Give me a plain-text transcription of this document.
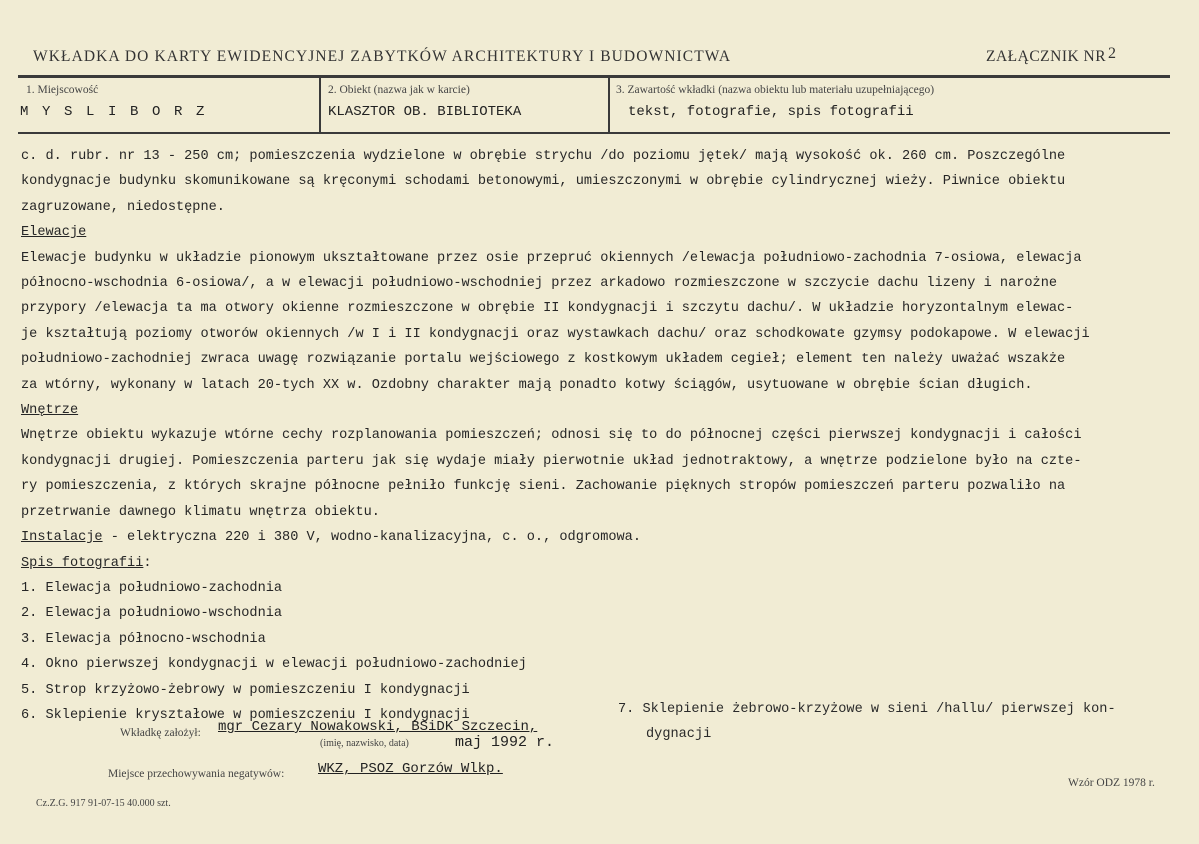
WKŁADKA DO KARTY EWIDENCYJNEJ ZABYTKÓW ARCHITEKTURY I BUDOWNICTWA	ZAŁĄCZNIK NR 2
1. Miejscowość
M Y S L I B O R Z
2. Obiekt (nazwa jak w karcie)
KLASZTOR OB. BIBLIOTEKA
3. Zawartość wkładki (nazwa obiektu lub materiału uzupełniającego)
tekst, fotografie, spis fotografii

c. d. rubr. nr 13 - 250 cm; pomieszczenia wydzielone w obrębie strychu /do poziomu jętek/ mają wysokość ok. 260 cm. Poszczególne

kondygnacje budynku skomunikowane są kręconymi schodami betonowymi, umieszczonymi w obrębie cylindrycznej wieży. Piwnice obiektu

zagruzowane, niedostępne.

Elewacje

Elewacje budynku w układzie pionowym ukształtowane przez osie przepruć okiennych /elewacja południowo-zachodnia 7-osiowa, elewacja

północno-wschodnia 6-osiowa/, a w elewacji południowo-wschodniej przez arkadowo rozmieszczone w szczycie dachu lizeny i narożne

przypory /elewacja ta ma otwory okienne rozmieszczone w obrębie II kondygnacji i szczytu dachu/. W układzie horyzontalnym elewac-

je kształtują poziomy otworów okiennych /w I i II kondygnacji oraz wystawkach dachu/ oraz schodkowate gzymsy podokapowe. W elewacji

południowo-zachodniej zwraca uwagę rozwiązanie portalu wejściowego z kostkowym układem cegieł; element ten należy uważać wszakże

za wtórny, wykonany w latach 20-tych XX w. Ozdobny charakter mają ponadto kotwy ściągów, usytuowane w obrębie ścian długich.

Wnętrze

Wnętrze obiektu wykazuje wtórne cechy rozplanowania pomieszczeń; odnosi się to do północnej części pierwszej kondygnacji i całości

kondygnacji drugiej. Pomieszczenia parteru jak się wydaje miały pierwotnie układ jednotraktowy, a wnętrze podzielone było na czte-

ry pomieszczenia, z których skrajne północne pełniło funkcję sieni. Zachowanie pięknych stropów pomieszczeń parteru pozwaliło na

przetrwanie dawnego klimatu wnętrza obiektu.

Instalacje - elektryczna 220 i 380 V, wodno-kanalizacyjna, c. o., odgromowa.

Spis fotografii:

1. Elewacja południowo-zachodnia

2. Elewacja południowo-wschodnia

3. Elewacja północno-wschodnia

4. Okno pierwszej kondygnacji w elewacji południowo-zachodniej

5. Strop krzyżowo-żebrowy w pomieszczeniu I kondygnacji

6. Sklepienie kryształowe w pomieszczeniu I kondygnacji	7. Sklepienie żebrowo-krzyżowe w sieni /hallu/ pierwszej kon-
dygnacji
Wkładkę założył: mgr Cezary Nowakowski, BSiDK Szczecin,
(imię, nazwisko, data)	maj 1992 r.
Miejsce przechowywania negatywów: WKZ, PSOZ Gorzów Wlkp.
Wzór ODZ 1978 r.
Cz.Z.G. 917 91-07-15 40.000 szt.
